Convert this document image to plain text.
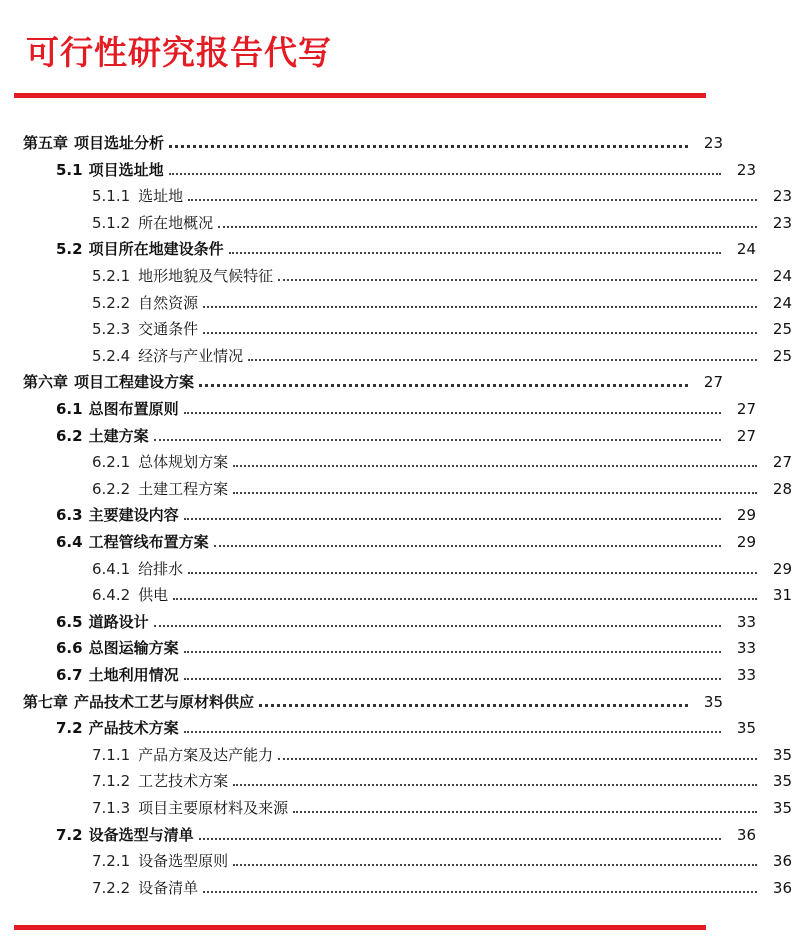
可行性研究报告代写
第五章 项目选址分析	23
5.1 项目选址地	23
5.1.1 选址地	23
5.1.2 所在地概况	23
5.2 项目所在地建设条件	24
5.2.1 地形地貌及气候特征	24
5.2.2 自然资源	24
5.2.3 交通条件	25
5.2.4 经济与产业情况	25
第六章 项目工程建设方案	27
6.1 总图布置原则	27
6.2 土建方案	27
6.2.1 总体规划方案	27
6.2.2 土建工程方案	28
6.3 主要建设内容	29
6.4 工程管线布置方案	29
6.4.1 给排水	29
6.4.2 供电	31
6.5 道路设计	33
6.6 总图运输方案	33
6.7 土地利用情况	33
第七章 产品技术工艺与原材料供应	35
7.2 产品技术方案	35
7.1.1 产品方案及达产能力	35
7.1.2 工艺技术方案	35
7.1.3 项目主要原材料及来源	35
7.2 设备选型与清单	36
7.2.1 设备选型原则	36
7.2.2 设备清单	36
